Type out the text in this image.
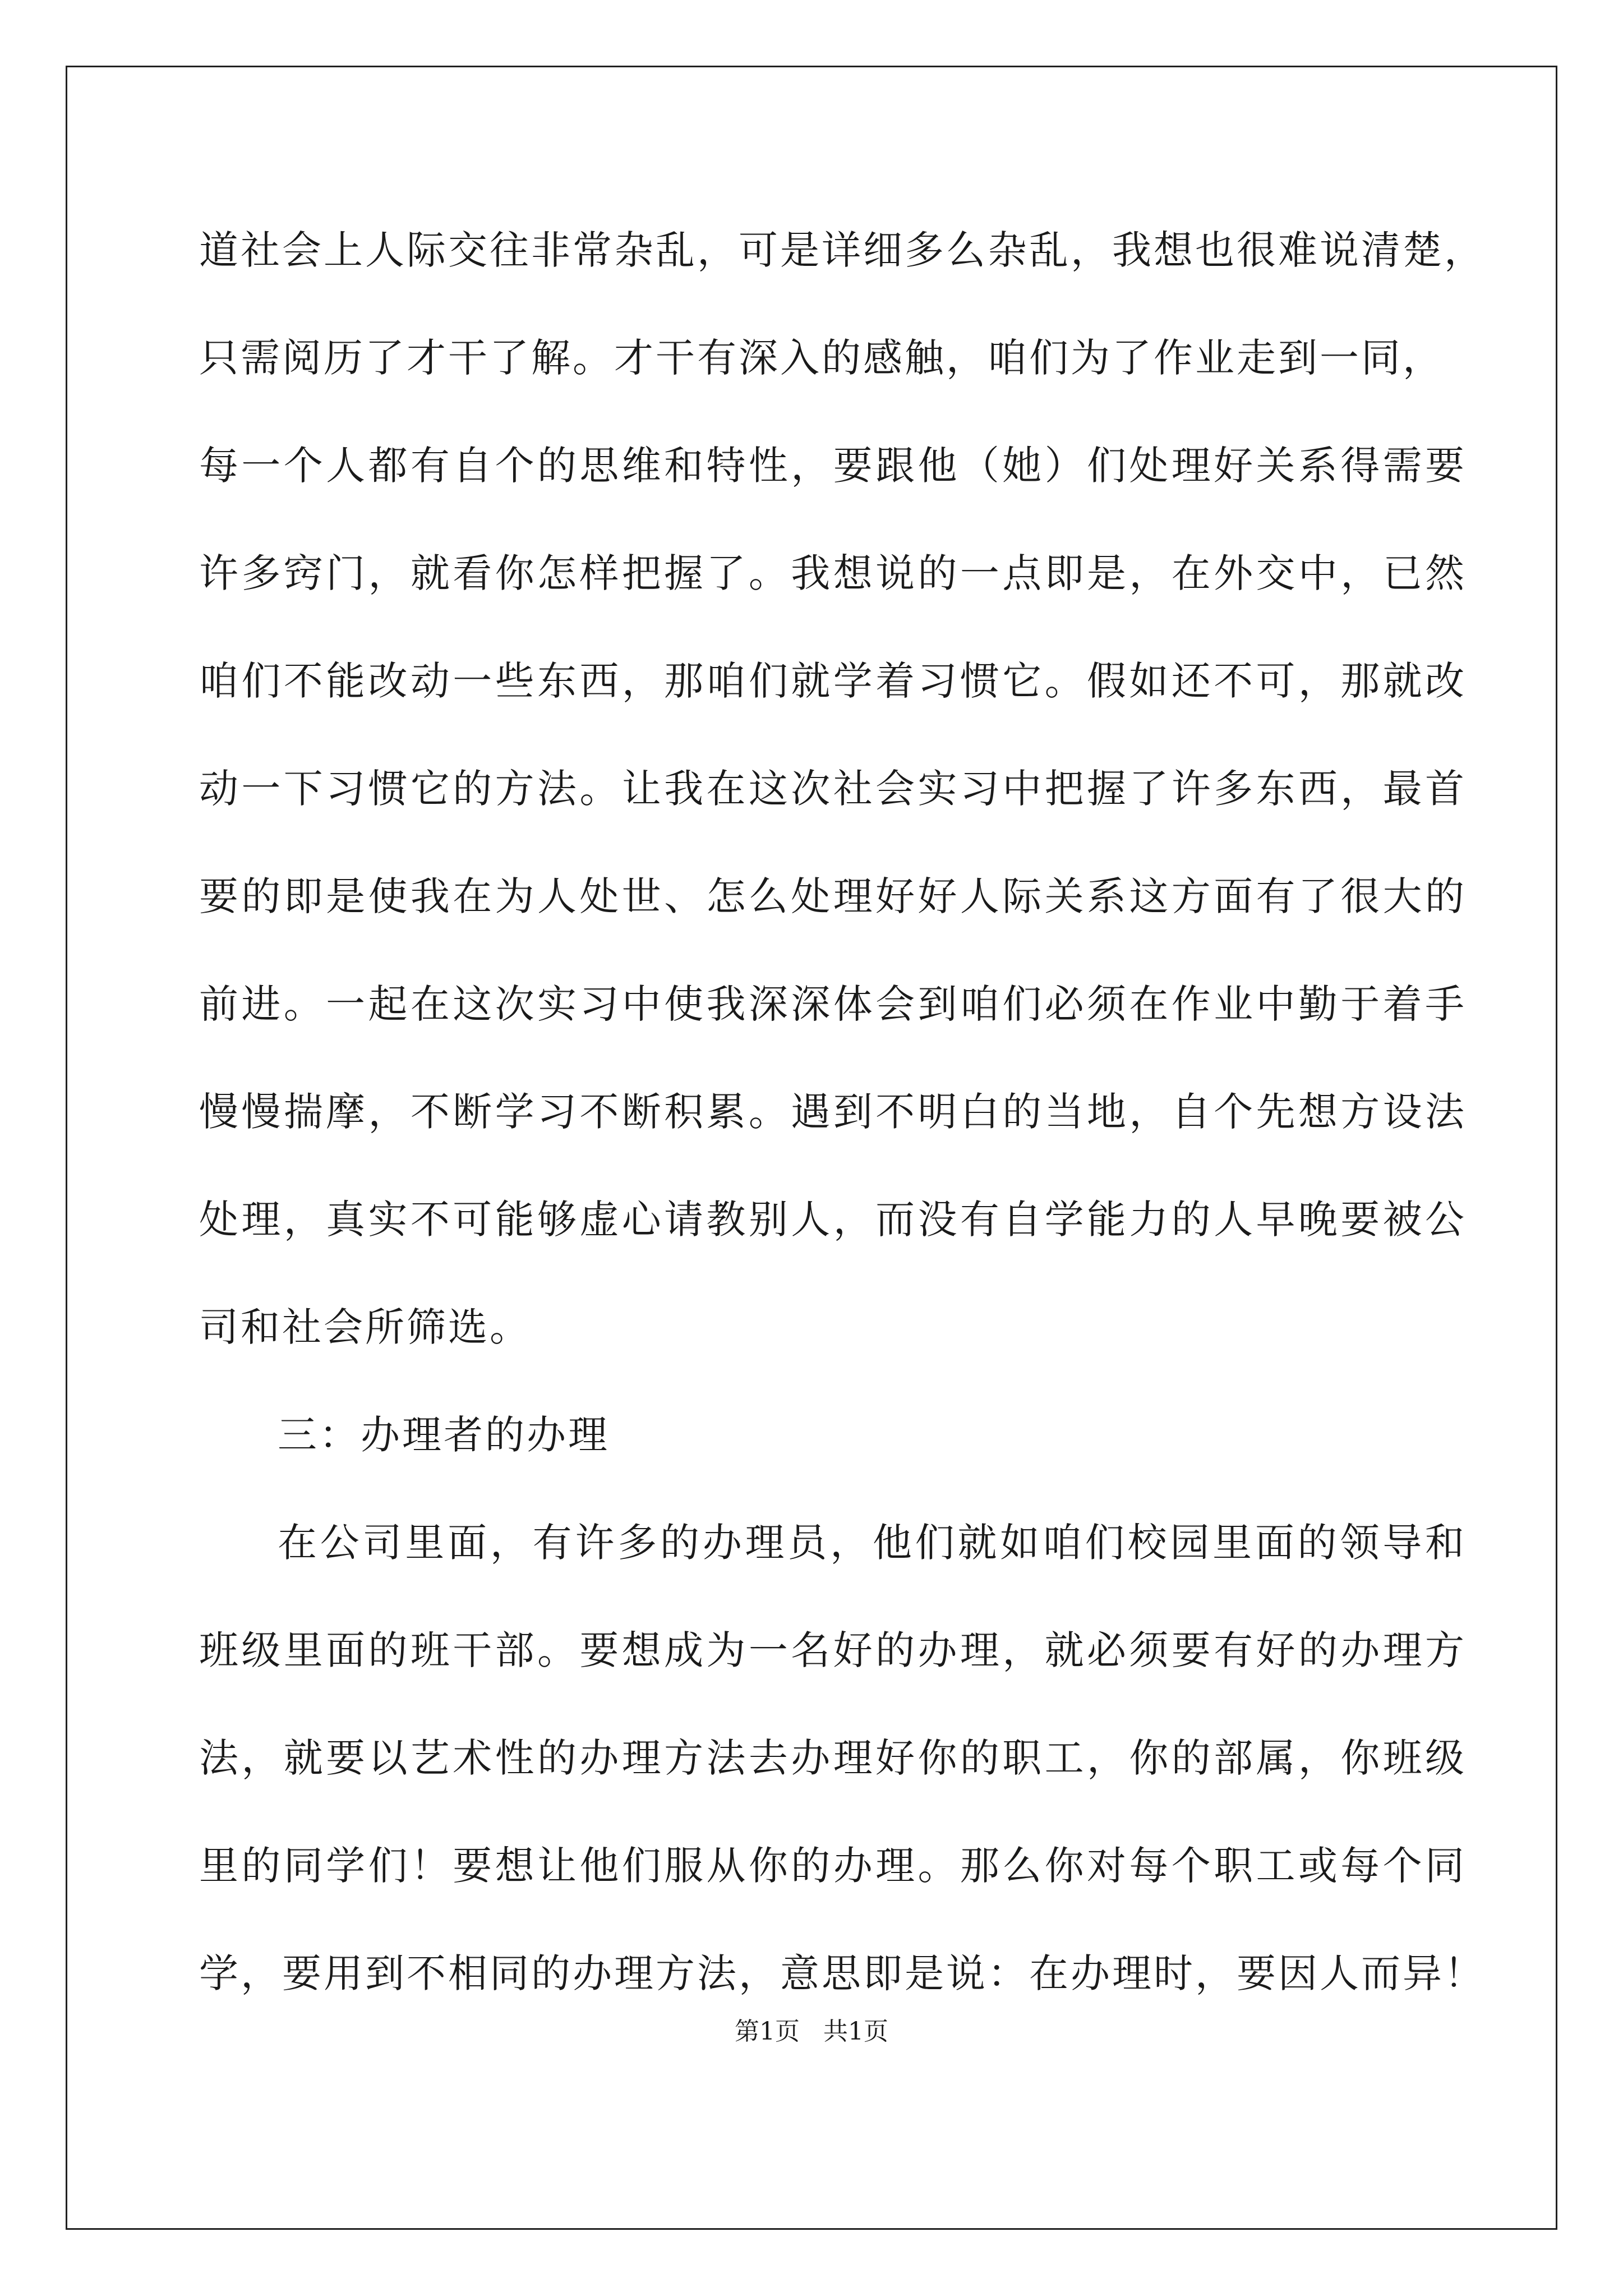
道社会上人际交往非常杂乱，可是详细多么杂乱，我想也很难说清楚，
只需阅历了才干了解。才干有深入的感触，咱们为了作业走到一同，
每一个人都有自个的思维和特性，要跟他（她）们处理好关系得需要
许多窍门，就看你怎样把握了。我想说的一点即是，在外交中，已然
咱们不能改动一些东西，那咱们就学着习惯它。假如还不可，那就改
动一下习惯它的方法。让我在这次社会实习中把握了许多东西，最首
要的即是使我在为人处世、怎么处理好好人际关系这方面有了很大的
前进。一起在这次实习中使我深深体会到咱们必须在作业中勤于着手
慢慢揣摩，不断学习不断积累。遇到不明白的当地，自个先想方设法
处理，真实不可能够虚心请教别人，而没有自学能力的人早晚要被公
司和社会所筛选。
三：办理者的办理
在公司里面，有许多的办理员，他们就如咱们校园里面的领导和
班级里面的班干部。要想成为一名好的办理，就必须要有好的办理方
法，就要以艺术性的办理方法去办理好你的职工，你的部属，你班级
里的同学们！要想让他们服从你的办理。那么你对每个职工或每个同
学，要用到不相同的办理方法，意思即是说：在办理时，要因人而异！
第1页   共1页
